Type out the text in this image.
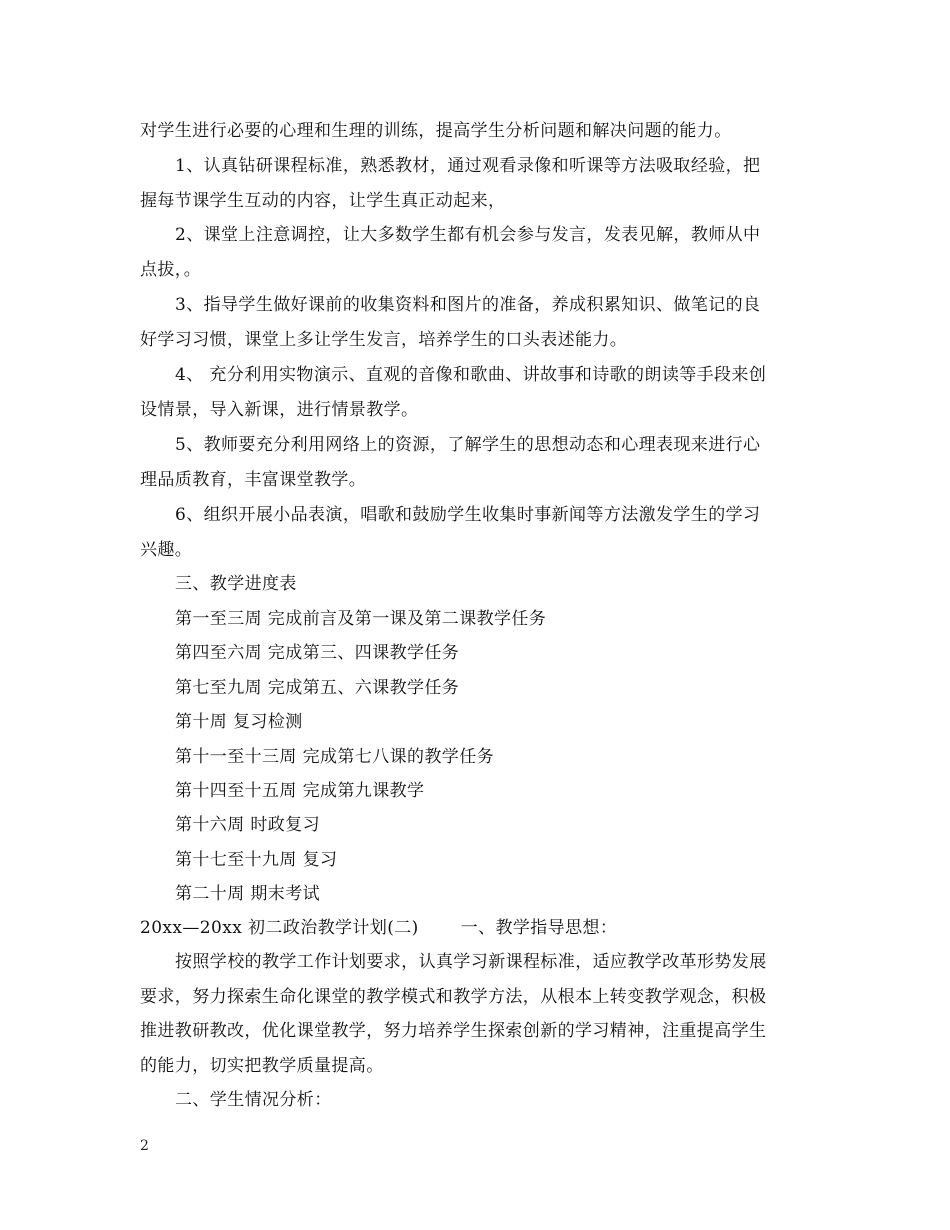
对学生进行必要的心理和生理的训练，提高学生分析问题和解决问题的能力。
1、认真钻研课程标准，熟悉教材，通过观看录像和听课等方法吸取经验，把
握每节课学生互动的内容，让学生真正动起来，
2、课堂上注意调控，让大多数学生都有机会参与发言，发表见解，教师从中
点拔，。
3、指导学生做好课前的收集资料和图片的准备，养成积累知识、做笔记的良
好学习习惯，课堂上多让学生发言，培养学生的口头表述能力。
4、 充分利用实物演示、直观的音像和歌曲、讲故事和诗歌的朗读等手段来创
设情景，导入新课，进行情景教学。
5、教师要充分利用网络上的资源，了解学生的思想动态和心理表现来进行心
理品质教育，丰富课堂教学。
6、组织开展小品表演，唱歌和鼓励学生收集时事新闻等方法激发学生的学习
兴趣。
三、教学进度表
第一至三周 完成前言及第一课及第二课教学任务
第四至六周 完成第三、四课教学任务
第七至九周 完成第五、六课教学任务
第十周 复习检测
第十一至十三周 完成第七八课的教学任务
第十四至十五周 完成第九课教学
第十六周 时政复习
第十七至十九周 复习
第二十周 期末考试
20xx—20xx 初二政治教学计划(二) 一、教学指导思想：
按照学校的教学工作计划要求，认真学习新课程标准，适应教学改革形势发展
要求，努力探索生命化课堂的教学模式和教学方法，从根本上转变教学观念，积极
推进教研教改，优化课堂教学，努力培养学生探索创新的学习精神，注重提高学生
的能力，切实把教学质量提高。
二、学生情况分析：
2
